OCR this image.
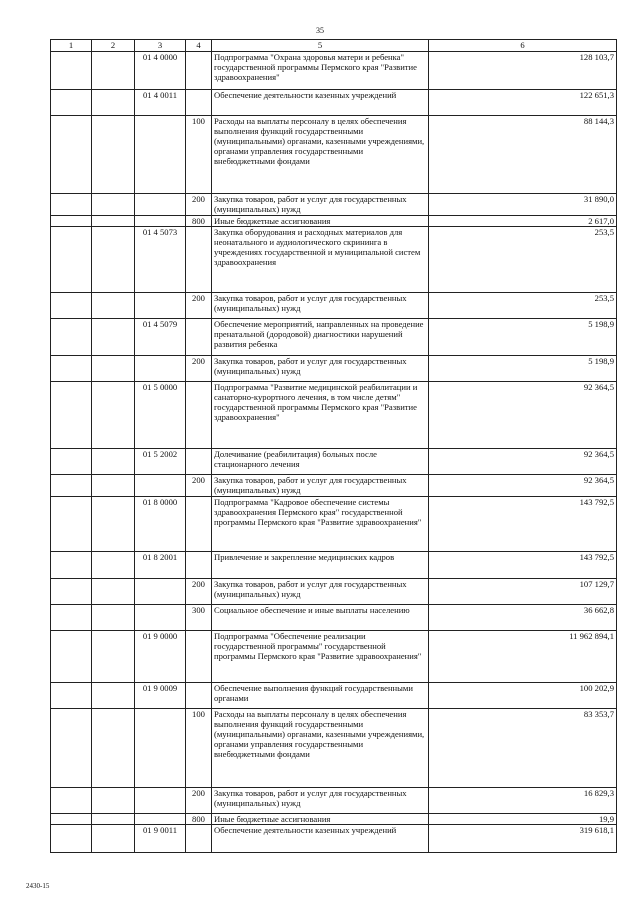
35
1	2	3	4	5	6
		01 4 0000		Подпрограмма "Охрана здоровья матери и ребенка" государственной программы Пермского края "Развитие здравоохранения"	128 103,7
		01 4 0011		Обеспечение деятельности казенных учреждений	122 651,3
			100	Расходы на выплаты персоналу в целях обеспечения выполнения функций государственными (муниципальными) органами, казенными учреждениями, органами управления государственными внебюджетными фондами	88 144,3
			200	Закупка товаров, работ и услуг для государственных (муниципальных) нужд	31 890,0
			800	Иные бюджетные ассигнования	2 617,0
		01 4 5073		Закупка оборудования и расходных материалов для неонатального и аудиологического скрининга в учреждениях государственной и муниципальной систем здравоохранения	253,5
			200	Закупка товаров, работ и услуг для государственных (муниципальных) нужд	253,5
		01 4 5079		Обеспечение мероприятий, направленных на проведение пренатальной (дородовой) диагностики нарушений развития ребенка	5 198,9
			200	Закупка товаров, работ и услуг для государственных (муниципальных) нужд	5 198,9
		01 5 0000		Подпрограмма "Развитие медицинской реабилитации и санаторно-курортного лечения, в том числе детям" государственной программы Пермского края "Развитие здравоохранения"	92 364,5
		01 5 2002		Долечивание (реабилитация) больных после стационарного лечения	92 364,5
			200	Закупка товаров, работ и услуг для государственных (муниципальных) нужд	92 364,5
		01 8 0000		Подпрограмма "Кадровое обеспечение системы здравоохранения Пермского края" государственной программы Пермского края "Развитие здравоохранения"	143 792,5
		01 8 2001		Привлечение и закрепление медицинских кадров	143 792,5
			200	Закупка товаров, работ и услуг для государственных (муниципальных) нужд	107 129,7
			300	Социальное обеспечение и иные выплаты населению	36 662,8
		01 9 0000		Подпрограмма "Обеспечение реализации государственной программы" государственной программы Пермского края "Развитие здравоохранения"	11 962 894,1
		01 9 0009		Обеспечение выполнения функций государственными органами	100 202,9
			100	Расходы на выплаты персоналу в целях обеспечения выполнения функций государственными (муниципальными) органами, казенными учреждениями, органами управления государственными внебюджетными фондами	83 353,7
			200	Закупка товаров, работ и услуг для государственных (муниципальных) нужд	16 829,3
			800	Иные бюджетные ассигнования	19,9
		01 9 0011		Обеспечение деятельности казенных учреждений	319 618,1
2430-15
